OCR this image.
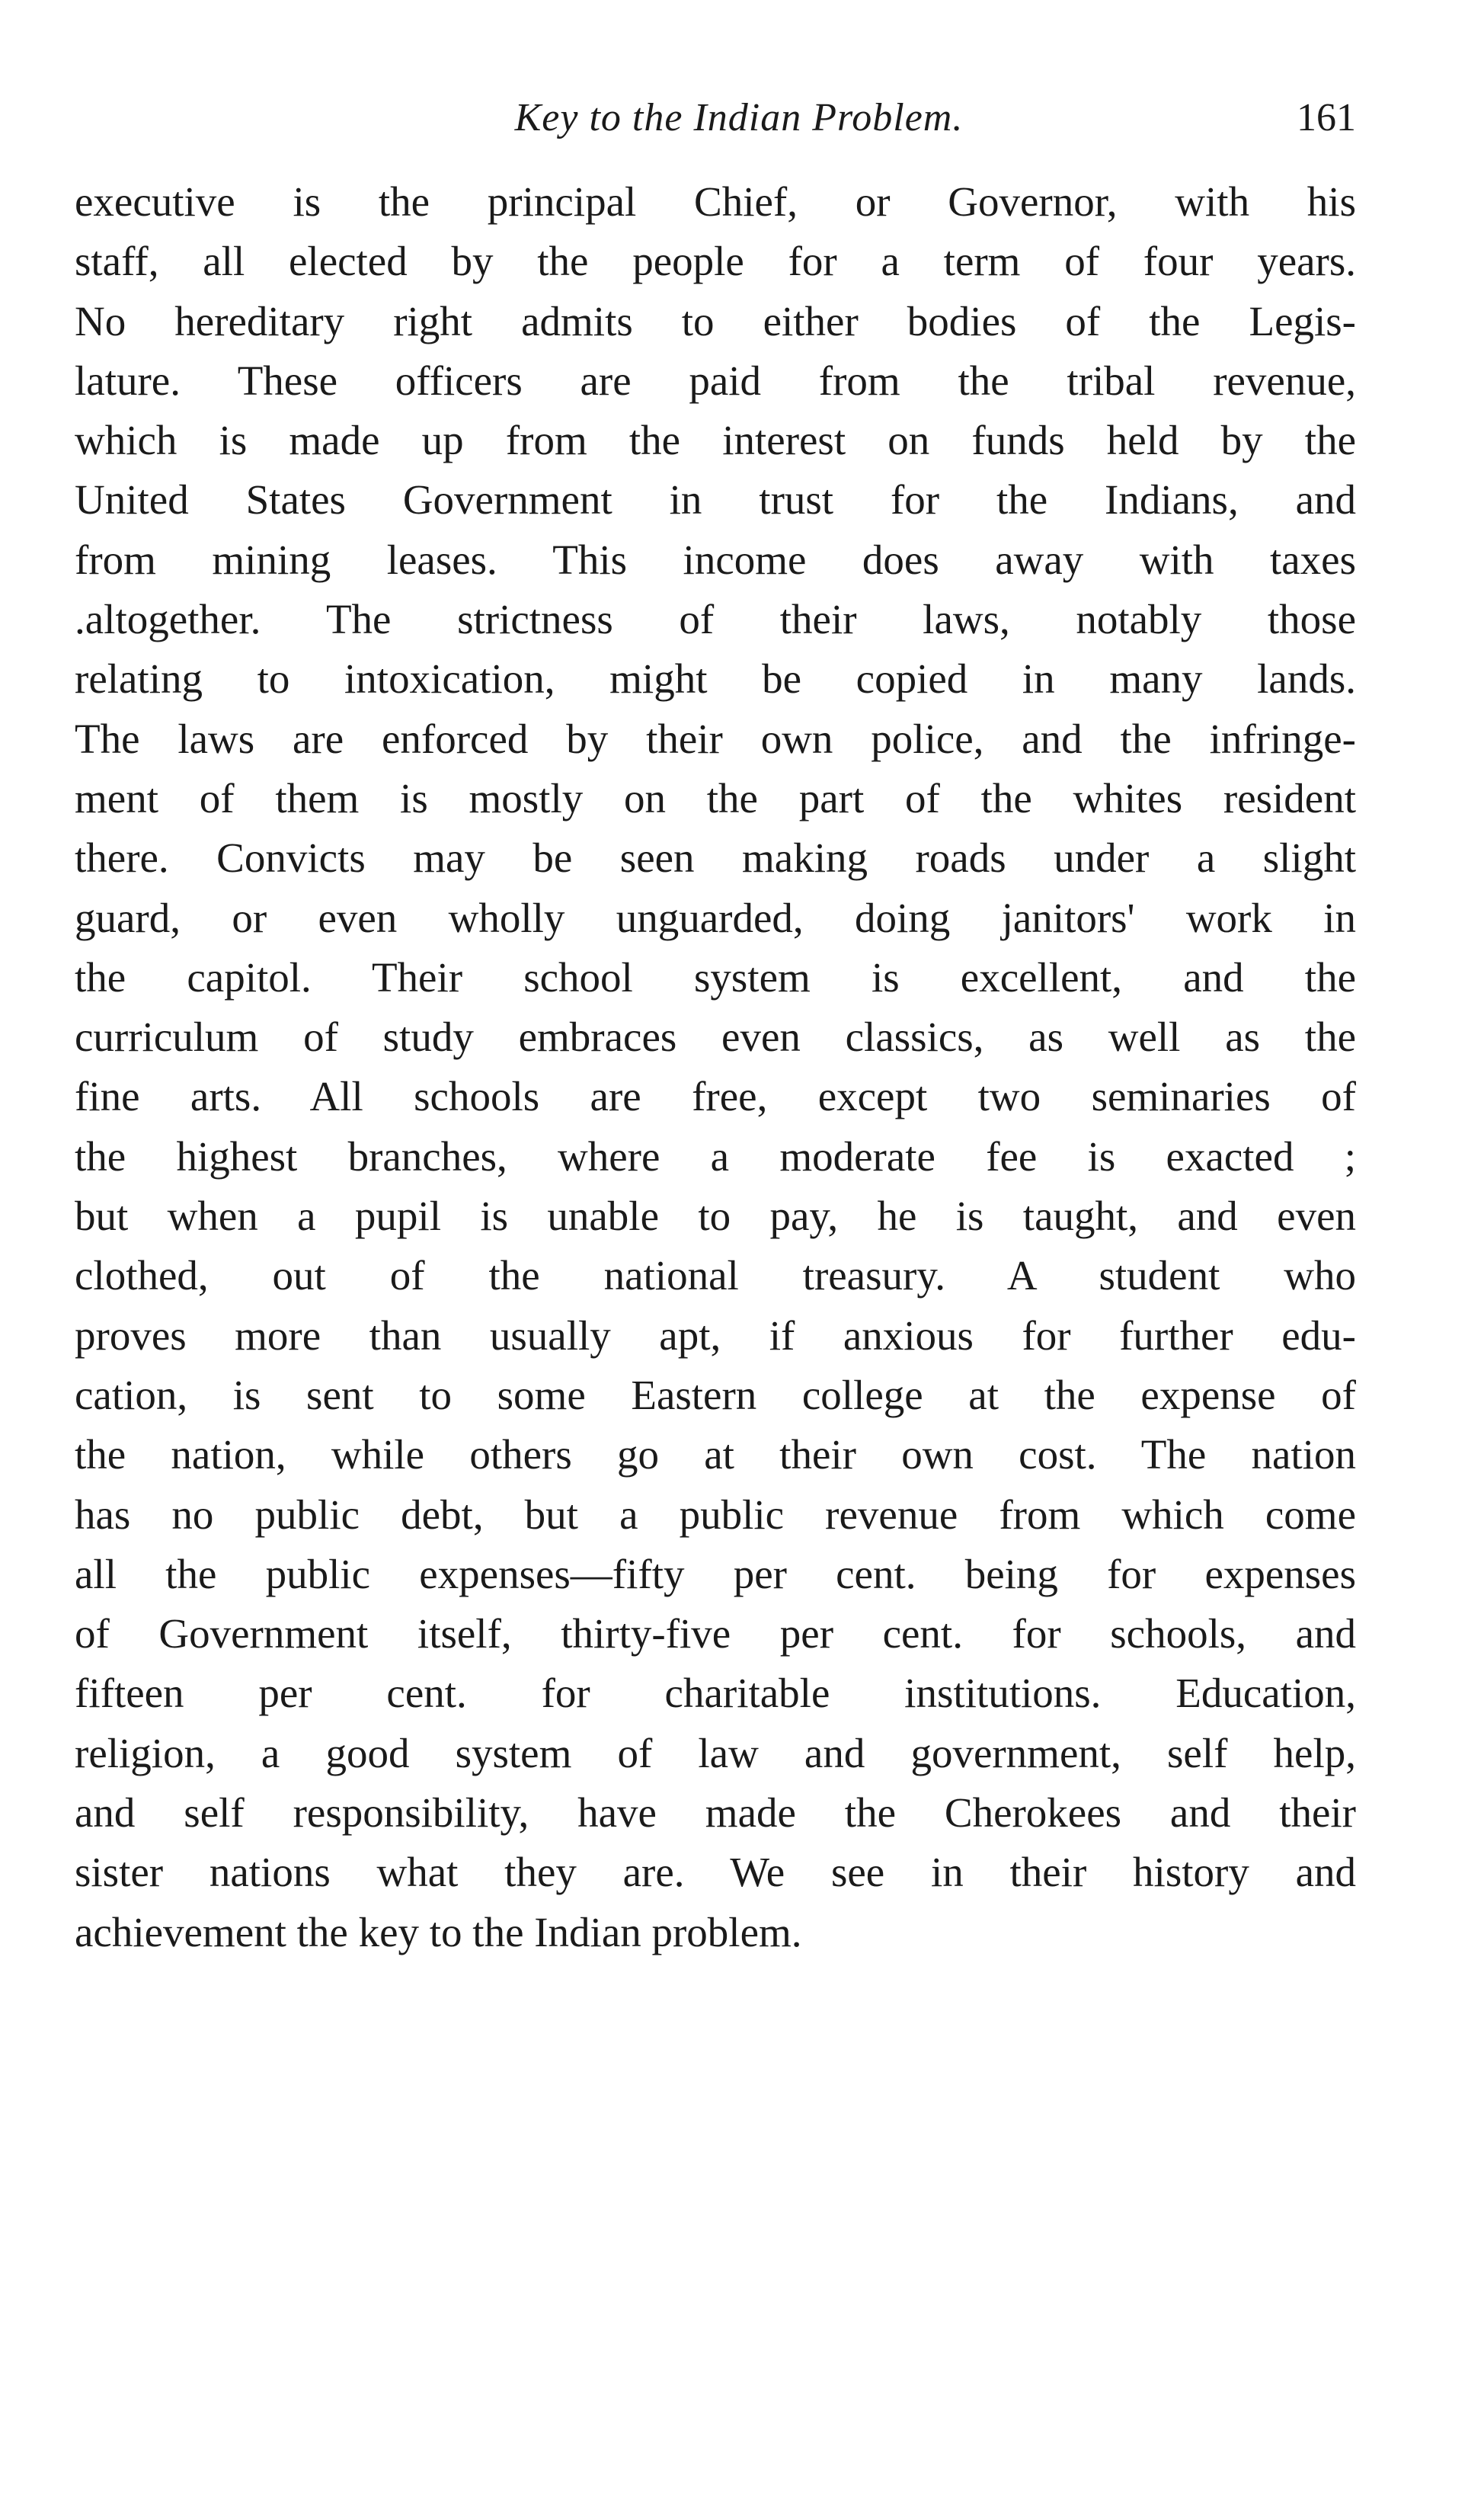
Key to the Indian Problem.	161
executive is the principal Chief, or Governor, with his
staff, all elected by the people for a term of four years.
No hereditary right admits to either bodies of the Legis-
lature. These officers are paid from the tribal revenue,
which is made up from the interest on funds held by the
United States Government in trust for the Indians, and
from mining leases. This income does away with taxes
.altogether. The strictness of their laws, notably those
relating to intoxication, might be copied in many lands.
The laws are enforced by their own police, and the infringe-
ment of them is mostly on the part of the whites resident
there. Convicts may be seen making roads under a slight
guard, or even wholly unguarded, doing janitors' work in
the capitol. Their school system is excellent, and the
curriculum of study embraces even classics, as well as the
fine arts. All schools are free, except two seminaries of
the highest branches, where a moderate fee is exacted ;
but when a pupil is unable to pay, he is taught, and even
clothed, out of the national treasury. A student who
proves more than usually apt, if anxious for further edu-
cation, is sent to some Eastern college at the expense of
the nation, while others go at their own cost. The nation
has no public debt, but a public revenue from which come
all the public expenses—fifty per cent. being for expenses
of Government itself, thirty-five per cent. for schools, and
fifteen per cent. for charitable institutions. Education,
religion, a good system of law and government, self help,
and self responsibility, have made the Cherokees and their
sister nations what they are. We see in their history and
achievement the key to the Indian problem.
